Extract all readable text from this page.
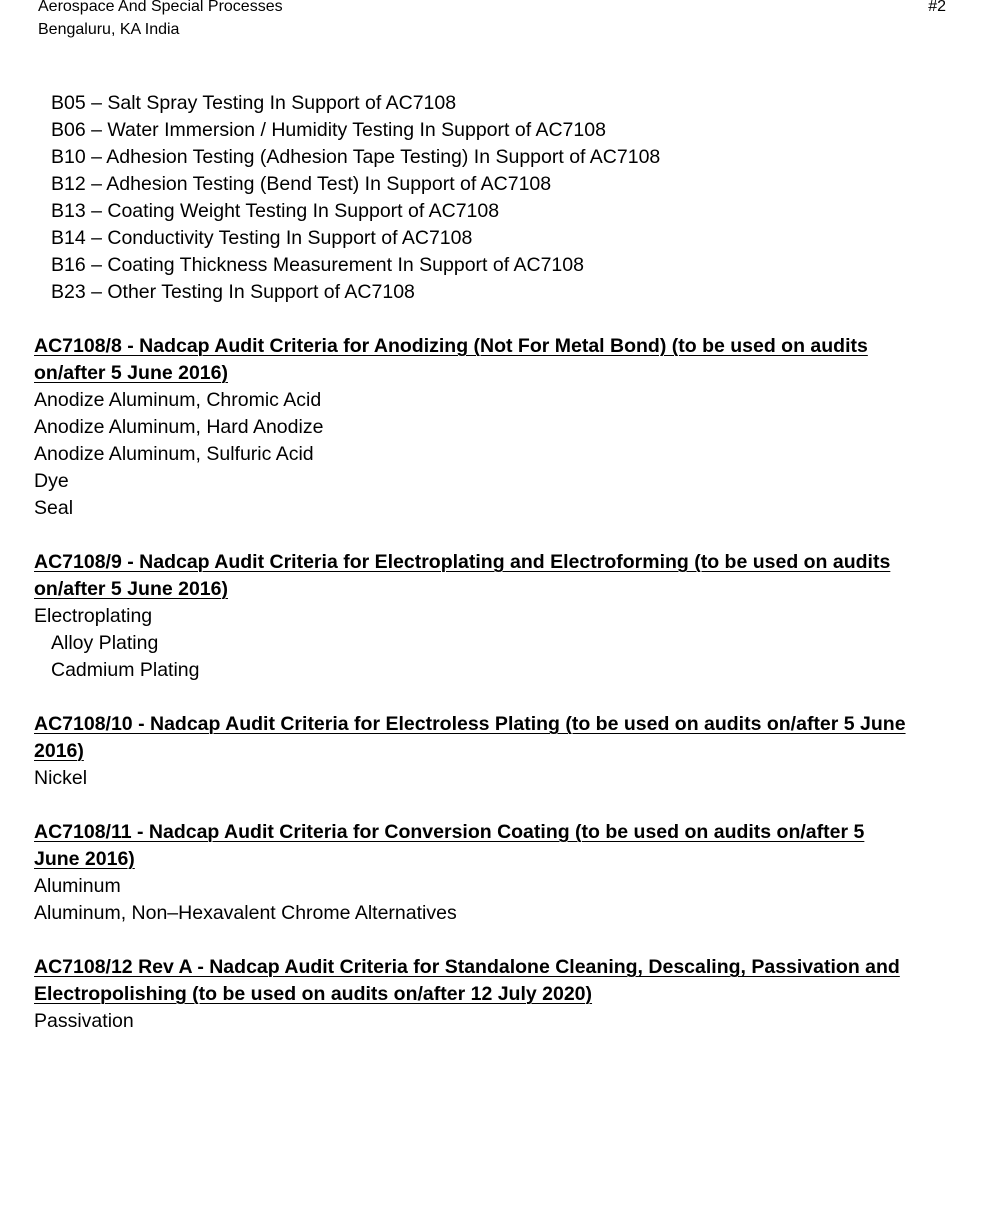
Aerospace And Special Processes
Bengaluru, KA India
#2
B05 – Salt Spray Testing In Support of AC7108
B06 – Water Immersion / Humidity Testing In Support of AC7108
B10 – Adhesion Testing (Adhesion Tape Testing) In Support of AC7108
B12 – Adhesion Testing (Bend Test) In Support of AC7108
B13 – Coating Weight Testing In Support of AC7108
B14 – Conductivity Testing In Support of AC7108
B16 – Coating Thickness Measurement In Support of AC7108
B23 – Other Testing In Support of AC7108
AC7108/8 - Nadcap Audit Criteria for Anodizing (Not For Metal Bond) (to be used on audits
on/after 5 June 2016)
Anodize Aluminum, Chromic Acid
Anodize Aluminum, Hard Anodize
Anodize Aluminum, Sulfuric Acid
Dye
Seal
AC7108/9 - Nadcap Audit Criteria for Electroplating and Electroforming (to be used on audits
on/after 5 June 2016)
Electroplating
Alloy Plating
Cadmium Plating
AC7108/10 - Nadcap Audit Criteria for Electroless Plating (to be used on audits on/after 5 June
2016)
Nickel
AC7108/11 - Nadcap Audit Criteria for Conversion Coating (to be used on audits on/after 5
June 2016)
Aluminum
Aluminum, Non–Hexavalent Chrome Alternatives
AC7108/12 Rev A - Nadcap Audit Criteria for Standalone Cleaning, Descaling, Passivation and
Electropolishing (to be used on audits on/after 12 July 2020)
Passivation
